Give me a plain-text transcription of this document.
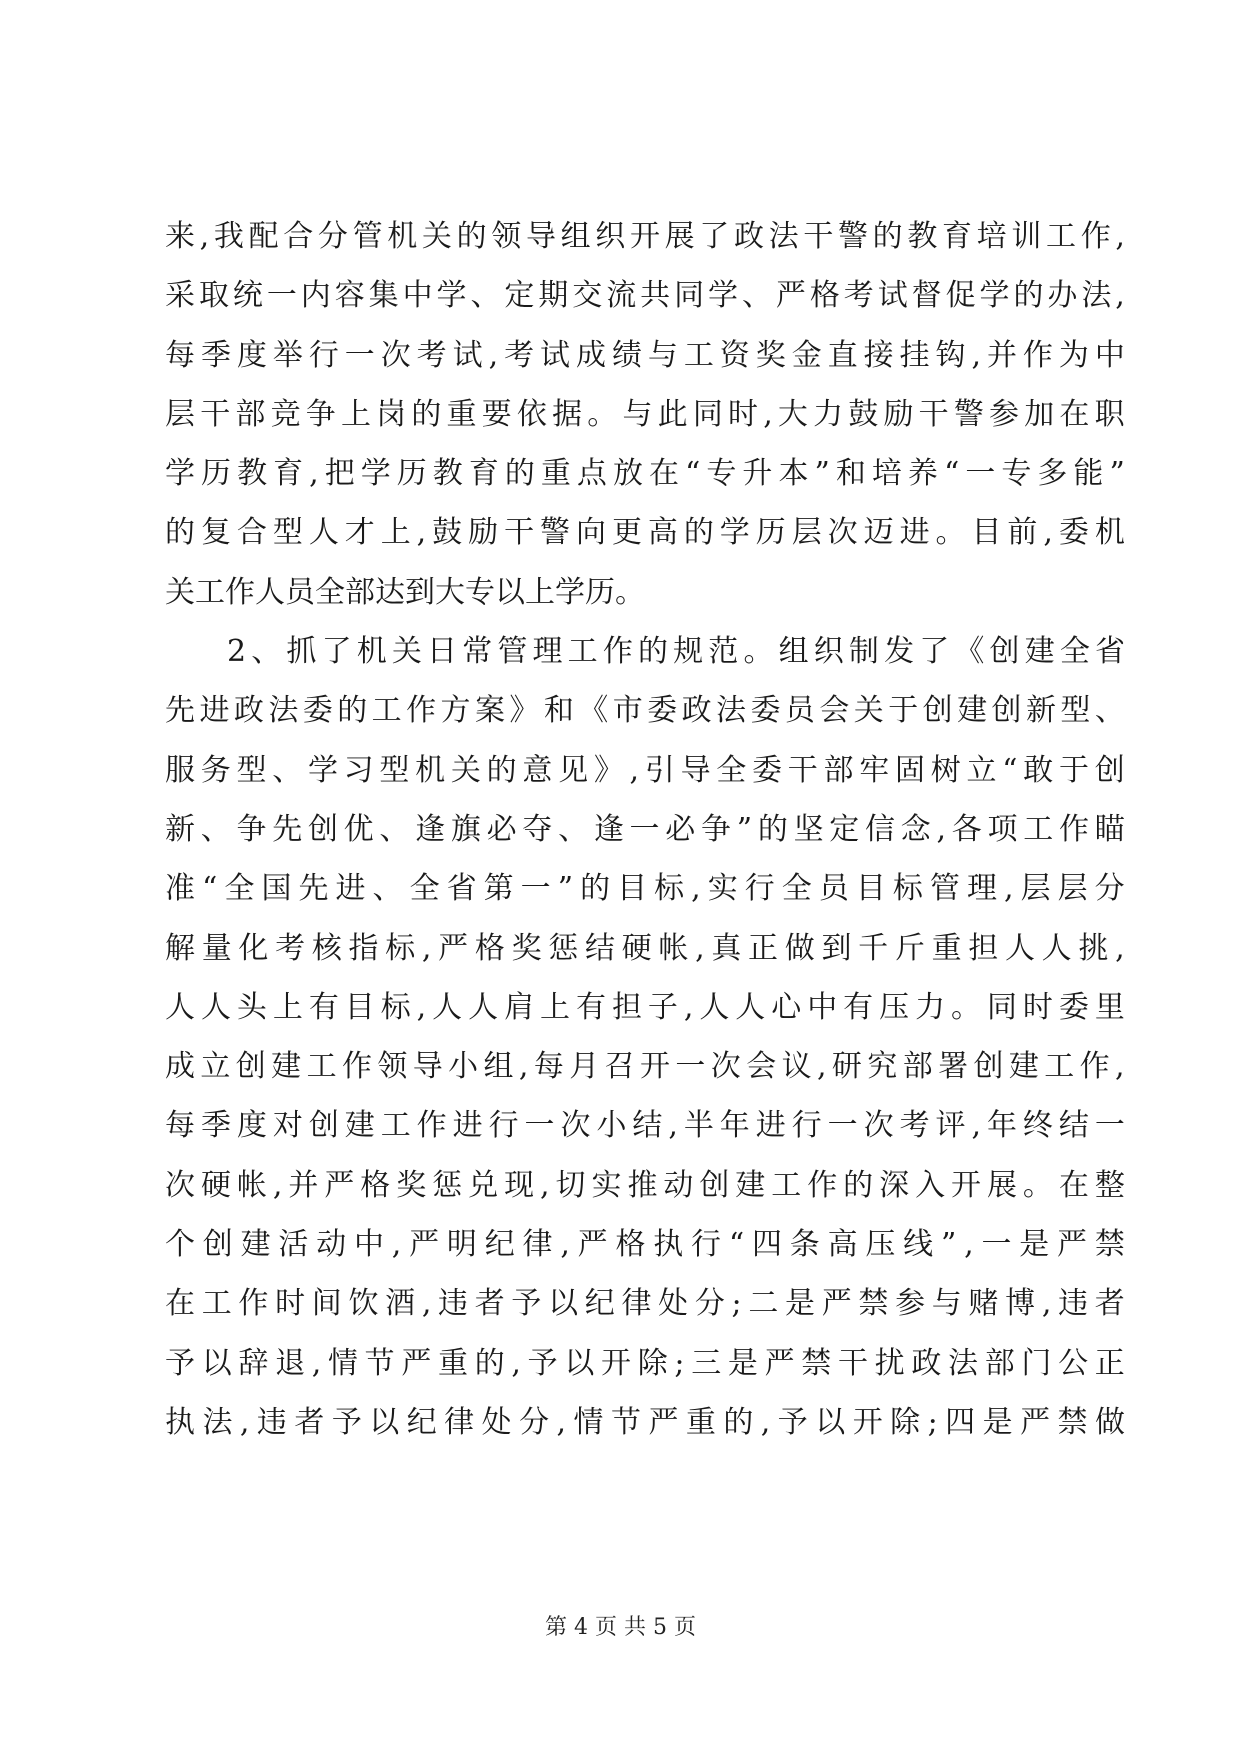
来 , 我 配 合 分 管 机 关 的 领 导 组 织 开 展 了 政 法 干 警 的 教 育 培 训 工 作 ,
采 取 统 一 内 容 集 中 学 、 定 期 交 流 共 同 学 、 严 格 考 试 督 促 学 的 办 法 ,
每 季 度 举 行 一 次 考 试 , 考 试 成 绩 与 工 资 奖 金 直 接 挂 钩 , 并 作 为 中
层 干 部 竞 争 上 岗 的 重 要 依 据 。 与 此 同 时 , 大 力 鼓 励 干 警 参 加 在 职
学 历 教 育 , 把 学 历 教 育 的 重 点 放 在 “ 专 升 本 ” 和 培 养 “ 一 专 多 能 ”
的 复 合 型 人 才 上 , 鼓 励 干 警 向 更 高 的 学 历 层 次 迈 进 。 目 前 , 委 机
关 工 作 人 员 全 部 达 到 大 专 以 上 学 历 。
2 、 抓 了 机 关 日 常 管 理 工 作 的 规 范 。 组 织 制 发 了 《 创 建 全 省
先 进 政 法 委 的 工 作 方 案 》 和 《 市 委 政 法 委 员 会 关 于 创 建 创 新 型 、
服 务 型 、 学 习 型 机 关 的 意 见 》 , 引 导 全 委 干 部 牢 固 树 立 “ 敢 于 创
新 、 争 先 创 优 、 逢 旗 必 夺 、 逢 一 必 争 ” 的 坚 定 信 念 , 各 项 工 作 瞄
准 “ 全 国 先 进 、 全 省 第 一 ” 的 目 标 , 实 行 全 员 目 标 管 理 , 层 层 分
解 量 化 考 核 指 标 , 严 格 奖 惩 结 硬 帐 , 真 正 做 到 千 斤 重 担 人 人 挑 ,
人 人 头 上 有 目 标 , 人 人 肩 上 有 担 子 , 人 人 心 中 有 压 力 。 同 时 委 里
成 立 创 建 工 作 领 导 小 组 , 每 月 召 开 一 次 会 议 , 研 究 部 署 创 建 工 作 ,
每 季 度 对 创 建 工 作 进 行 一 次 小 结 , 半 年 进 行 一 次 考 评 , 年 终 结 一
次 硬 帐 , 并 严 格 奖 惩 兑 现 , 切 实 推 动 创 建 工 作 的 深 入 开 展 。 在 整
个 创 建 活 动 中 , 严 明 纪 律 , 严 格 执 行 “ 四 条 高 压 线 ” , 一 是 严 禁
在 工 作 时 间 饮 酒 , 违 者 予 以 纪 律 处 分 ; 二 是 严 禁 参 与 赌 博 , 违 者
予 以 辞 退 , 情 节 严 重 的 , 予 以 开 除 ; 三 是 严 禁 干 扰 政 法 部 门 公 正
执 法 , 违 者 予 以 纪 律 处 分 , 情 节 严 重 的 , 予 以 开 除 ; 四 是 严 禁 做
第 4 页 共 5 页
